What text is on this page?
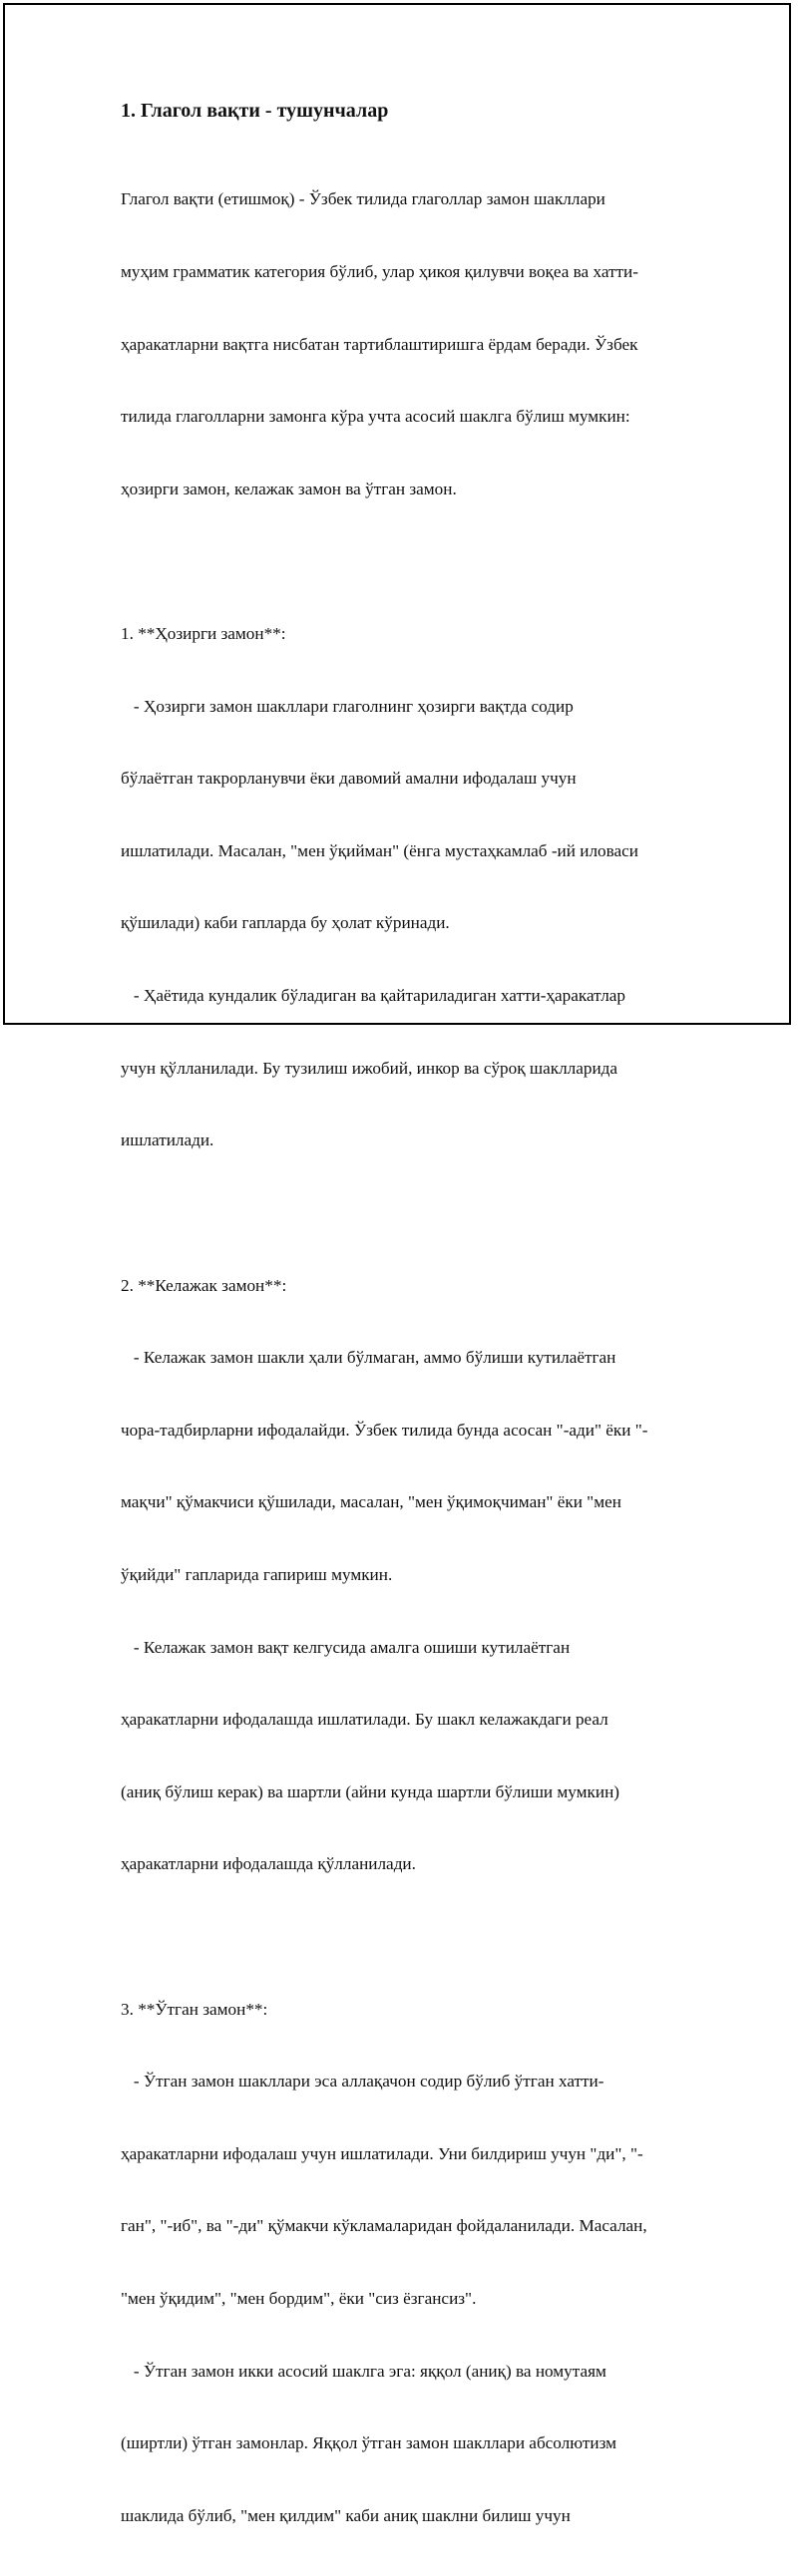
1. Глагол вақти - тушунчалар

Глагол вақти (етишмоқ) - Ўзбек тилида глаголлар замон шакллари

муҳим грамматик категория бўлиб, улар ҳикоя қилувчи воқеа ва хатти-

ҳаракатларни вақтга нисбатан тартиблаштиришга ёрдам беради. Ўзбек

тилида глаголларни замонга кўра учта асосий шаклга бўлиш мумкин:

ҳозирги замон, келажак замон ва ўтган замон.

1. **Ҳозирги замон**:

- Ҳозирги замон шакллари глаголнинг ҳозирги вақтда содир

бўлаётган такрорланувчи ёки давомий амални ифодалаш учун

ишлатилади. Масалан, "мен ўқийман" (ёнга мустаҳкамлаб -ий иловаси

қўшилади) каби гапларда бу ҳолат кўринади.

- Ҳаётида кундалик бўладиган ва қайтариладиган хатти-ҳаракатлар

учун қўлланилади. Бу тузилиш ижобий, инкор ва сўроқ шаклларида

ишлатилади.

2. **Келажак замон**:

- Келажак замон шакли ҳали бўлмаган, аммо бўлиши кутилаётган

чора-тадбирларни ифодалайди. Ўзбек тилида бунда асосан "-ади" ёки "-

мақчи" қўмакчиси қўшилади, масалан, "мен ўқимоқчиман" ёки "мен

ўқийди" гапларида гапириш мумкин.

- Келажак замон вақт келгусида амалга ошиши кутилаётган

ҳаракатларни ифодалашда ишлатилади. Бу шакл келажакдаги реал

(аниқ бўлиш керак) ва шартли (айни кунда шартли бўлиши мумкин)

ҳаракатларни ифодалашда қўлланилади.

3. **Ўтган замон**:

- Ўтган замон шакллари эса аллақачон содир бўлиб ўтган хатти-

ҳаракатларни ифодалаш учун ишлатилади. Уни билдириш учун "ди", "-

ган", "-иб", ва "-ди" қўмакчи кўкламаларидан фойдаланилади. Масалан,

"мен ўқидим", "мен бордим", ёки "сиз ёзгансиз".

- Ўтган замон икки асосий шаклга эга: яққол (аниқ) ва номутаям

(ширтли) ўтган замонлар. Яққол ўтган замон шакллари абсолютизм

шаклида бўлиб, "мен қилдим" каби аниқ шаклни билиш учун
